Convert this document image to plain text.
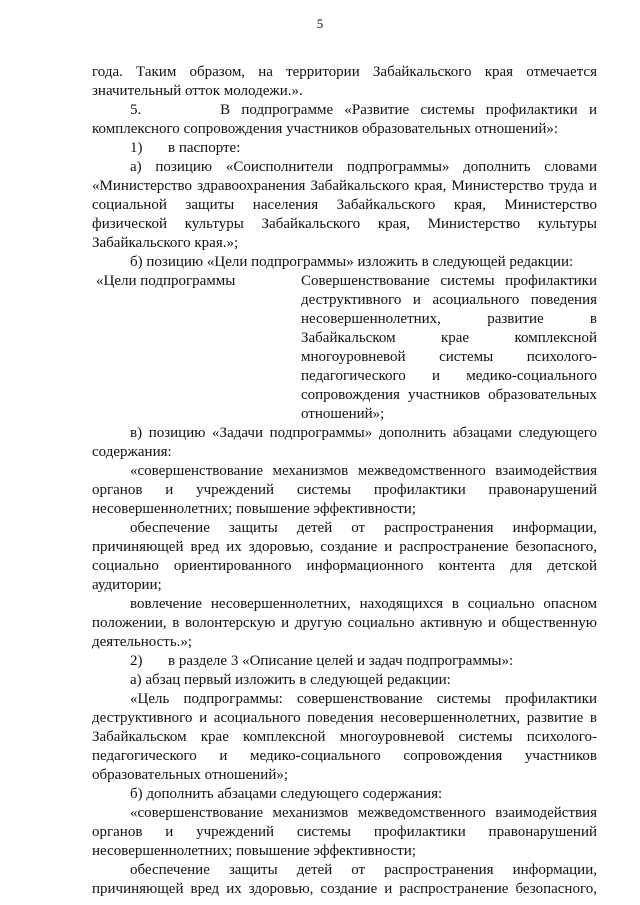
5
года. Таким образом, на территории Забайкальского края отмечается
значительный отток молодежи.».
5.       В подпрограмме «Развитие системы профилактики и
комплексного сопровождения участников образовательных отношений»:
1)	в паспорте:
а) позицию «Соисполнители подпрограммы» дополнить словами
«Министерство здравоохранения Забайкальского края, Министерство труда и
социальной защиты населения Забайкальского края, Министерство
физической культуры Забайкальского края, Министерство культуры
Забайкальского края.»;
б) позицию «Цели подпрограммы» изложить в следующей редакции:
«Цели подпрограммы	Совершенствование системы профилактики
деструктивного и асоциального поведения
несовершеннолетних, развитие в
Забайкальском крае комплексной
многоуровневой системы психолого-
педагогического и медико-социального
сопровождения участников образовательных
отношений»;
в) позицию «Задачи подпрограммы» дополнить абзацами следующего
содержания:
«совершенствование механизмов межведомственного взаимодействия
органов и учреждений системы профилактики правонарушений
несовершеннолетних; повышение эффективности;
обеспечение защиты детей от распространения информации,
причиняющей вред их здоровью, создание и распространение безопасного,
социально ориентированного информационного контента для детской
аудитории;
вовлечение несовершеннолетних, находящихся в социально опасном
положении, в волонтерскую и другую социально активную и общественную
деятельность.»;
2)	в разделе 3 «Описание целей и задач подпрограммы»:
а) абзац первый изложить в следующей редакции:
«Цель подпрограммы: совершенствование системы профилактики
деструктивного и асоциального поведения несовершеннолетних, развитие в
Забайкальском крае комплексной многоуровневой системы психолого-
педагогического и медико-социального сопровождения участников
образовательных отношений»;
б) дополнить абзацами следующего содержания:
«совершенствование механизмов межведомственного взаимодействия
органов и учреждений системы профилактики правонарушений
несовершеннолетних; повышение эффективности;
обеспечение защиты детей от распространения информации,
причиняющей вред их здоровью, создание и распространение безопасного,
